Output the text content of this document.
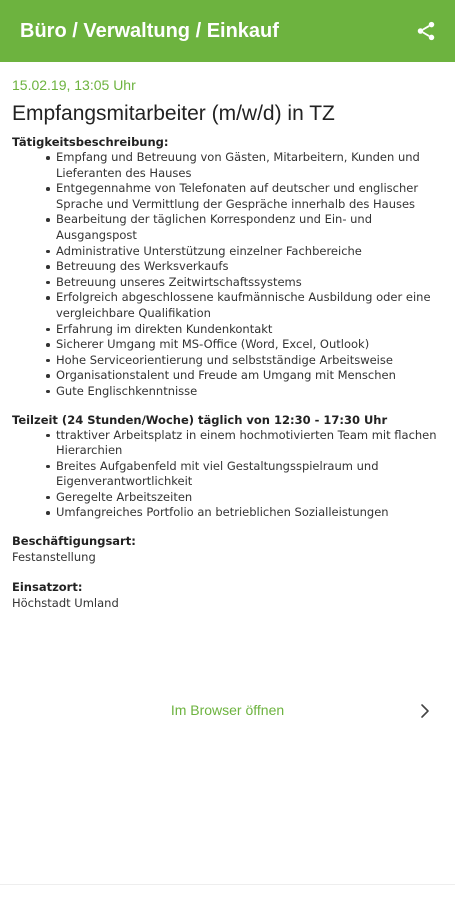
Büro / Verwaltung / Einkauf
15.02.19, 13:05 Uhr
Empfangsmitarbeiter (m/w/d) in TZ
Tätigkeitsbeschreibung:
Empfang und Betreuung von Gästen, Mitarbeitern, Kunden und Lieferanten des Hauses
Entgegennahme von Telefonaten auf deutscher und englischer Sprache und Vermittlung der Gespräche innerhalb des Hauses
Bearbeitung der täglichen Korrespondenz und Ein- und Ausgangspost
Administrative Unterstützung einzelner Fachbereiche
Betreuung des Werksverkaufs
Betreuung unseres Zeitwirtschaftssystems
Erfolgreich abgeschlossene kaufmännische Ausbildung oder eine vergleichbare Qualifikation
Erfahrung im direkten Kundenkontakt
Sicherer Umgang mit MS-Office (Word, Excel, Outlook)
Hohe Serviceorientierung und selbstständige Arbeitsweise
Organisationstalent und Freude am Umgang mit Menschen
Gute Englischkenntnisse
Teilzeit (24 Stunden/Woche) täglich von 12:30 - 17:30 Uhr
ttraktiver Arbeitsplatz in einem hochmotivierten Team mit flachen Hierarchien
Breites Aufgabenfeld mit viel Gestaltungsspielraum und Eigenverantwortlichkeit
Geregelte Arbeitszeiten
Umfangreiches Portfolio an betrieblichen Sozialleistungen
Beschäftigungsart:
Festanstellung
Einsatzort:
Höchstadt Umland
Im Browser öffnen
